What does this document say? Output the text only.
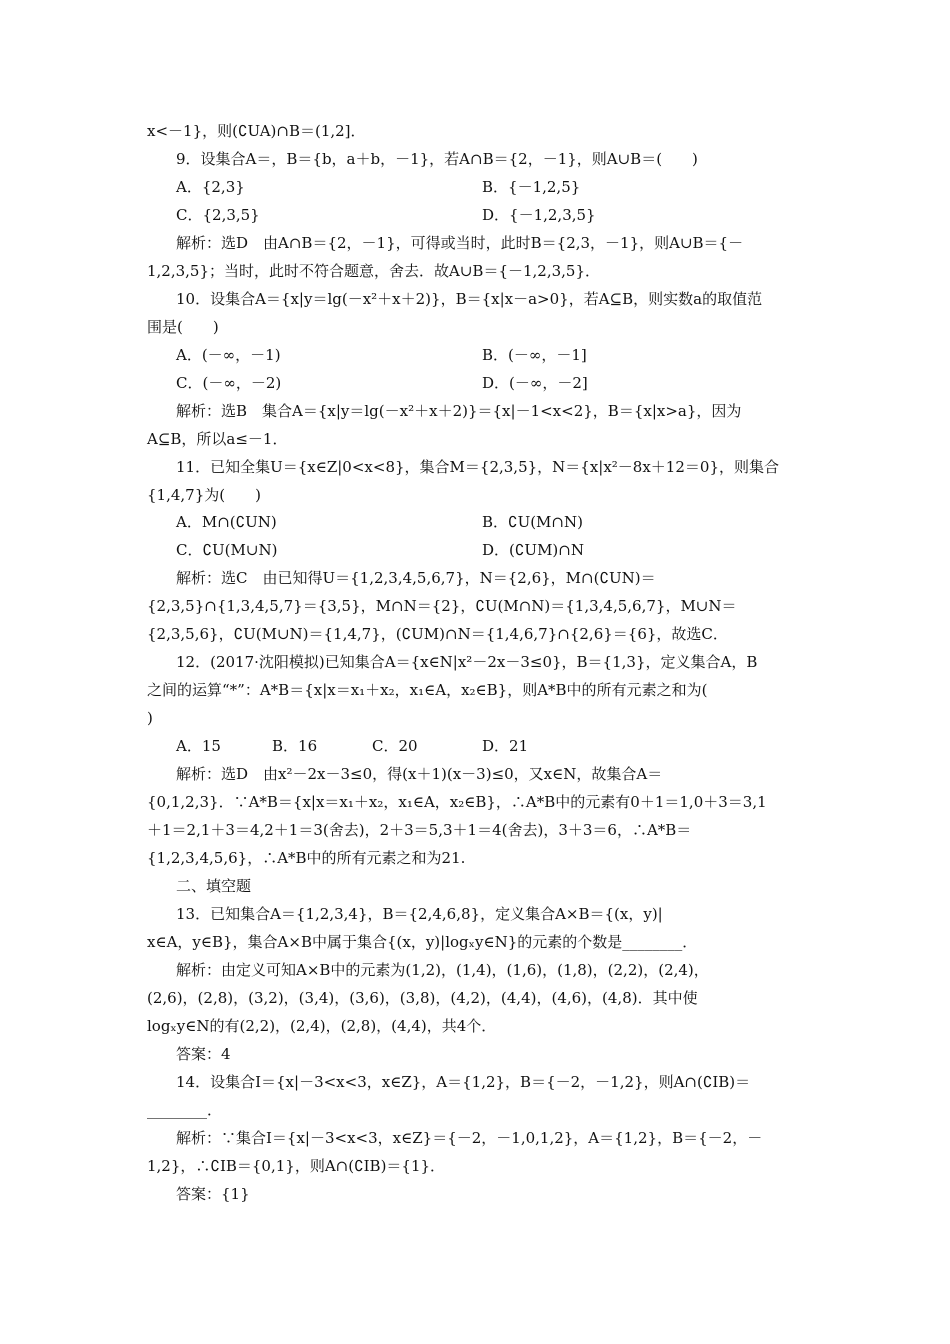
x<－1}，则(∁UA)∩B＝(1,2]．
9．设集合A＝，B＝{b，a＋b，－1}，若A∩B＝{2，－1}，则A∪B＝(　　)
A．{2,3}	B．{－1,2,5}
C．{2,3,5}	D．{－1,2,3,5}
解析：选D　由A∩B＝{2，－1}，可得或当时，此时B＝{2,3，－1}，则A∪B＝{－
1,2,3,5}；当时，此时不符合题意，舍去．故A∪B＝{－1,2,3,5}．
10．设集合A＝{x|y＝lg(－x²＋x＋2)}，B＝{x|x－a>0}，若A⊆B，则实数a的取值范
围是(　　)
A．(－∞，－1)	B．(－∞，－1]
C．(－∞，－2)	D．(－∞，－2]
解析：选B　集合A＝{x|y＝lg(－x²＋x＋2)}＝{x|－1<x<2}，B＝{x|x>a}，因为
A⊆B，所以a≤－1．
11．已知全集U＝{x∈Z|0<x<8}，集合M＝{2,3,5}，N＝{x|x²－8x＋12＝0}，则集合
{1,4,7}为(　　)
A．M∩(∁UN)	B．∁U(M∩N)
C．∁U(M∪N)	D．(∁UM)∩N
解析：选C　由已知得U＝{1,2,3,4,5,6,7}，N＝{2,6}，M∩(∁UN)＝
{2,3,5}∩{1,3,4,5,7}＝{3,5}，M∩N＝{2}，∁U(M∩N)＝{1,3,4,5,6,7}，M∪N＝
{2,3,5,6}，∁U(M∪N)＝{1,4,7}，(∁UM)∩N＝{1,4,6,7}∩{2,6}＝{6}，故选C．
12．(2017·沈阳模拟)已知集合A＝{x∈N|x²－2x－3≤0}，B＝{1,3}，定义集合A，B
之间的运算“*”：A*B＝{x|x＝x₁＋x₂，x₁∈A，x₂∈B}，则A*B中的所有元素之和为(
)
A．15	B．16	C．20	D．21
解析：选D　由x²－2x－3≤0，得(x＋1)(x－3)≤0，又x∈N，故集合A＝
{0,1,2,3}．∵A*B＝{x|x＝x₁＋x₂，x₁∈A，x₂∈B}，∴A*B中的元素有0＋1＝1,0＋3＝3,1
＋1＝2,1＋3＝4,2＋1＝3(舍去)，2＋3＝5,3＋1＝4(舍去)，3＋3＝6，∴A*B＝
{1,2,3,4,5,6}，∴A*B中的所有元素之和为21.
二、填空题
13．已知集合A＝{1,2,3,4}，B＝{2,4,6,8}，定义集合A×B＝{(x，y)|
x∈A，y∈B}，集合A×B中属于集合{(x，y)|logₓy∈N}的元素的个数是________．
解析：由定义可知A×B中的元素为(1,2)，(1,4)，(1,6)，(1,8)，(2,2)，(2,4)，
(2,6)，(2,8)，(3,2)，(3,4)，(3,6)，(3,8)，(4,2)，(4,4)，(4,6)，(4,8)．其中使
logₓy∈N的有(2,2)，(2,4)，(2,8)，(4,4)，共4个．
答案：4
14．设集合I＝{x|－3<x<3，x∈Z}，A＝{1,2}，B＝{－2，－1,2}，则A∩(∁IB)＝
________．
解析：∵集合I＝{x|－3<x<3，x∈Z}＝{－2，－1,0,1,2}，A＝{1,2}，B＝{－2，－
1,2}，∴∁IB＝{0,1}，则A∩(∁IB)＝{1}．
答案：{1}
